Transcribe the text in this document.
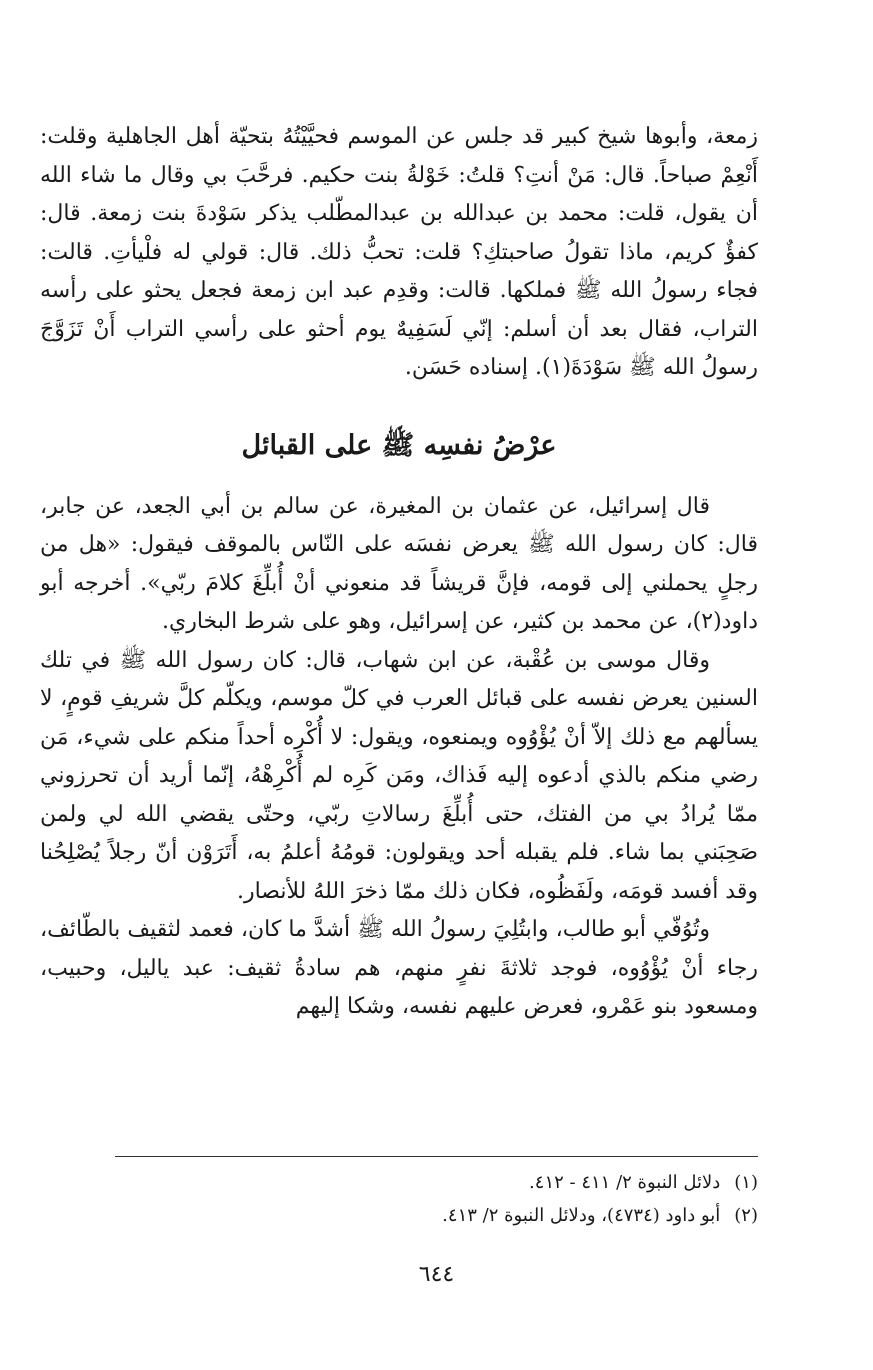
زمعة، وأبوها شيخ كبير قد جلس عن الموسم فحيَّيْتُهُ بتحيّة أهل الجاهلية وقلت: أَنْعِمْ صباحاً. قال: مَنْ أنتِ؟ قلتُ: خَوْلةُ بنت حكيم. فرحَّبَ بي وقال ما شاء الله أن يقول، قلت: محمد بن عبدالله بن عبدالمطّلب يذكر سَوْدةَ بنت زمعة. قال: كفؤٌ كريم، ماذا تقولُ صاحبتكِ؟ قلت: تحبُّ ذلك. قال: قولي له فلْيأتِ. قالت: فجاء رسولُ الله ﷺ فملكها. قالت: وقدِم عبد ابن زمعة فجعل يحثو على رأسه التراب، فقال بعد أن أسلم: إنّي لَسَفِيهٌ يوم أحثو على رأسي التراب أَنْ تَزَوَّجَ رسولُ الله ﷺ سَوْدَةَ(١). إسناده حَسَن.

عرْضُ نفسِه ﷺ على القبائل

قال إسرائيل، عن عثمان بن المغيرة، عن سالم بن أبي الجعد، عن جابر، قال: كان رسول الله ﷺ يعرض نفسَه على النّاس بالموقف فيقول: «هل من رجلٍ يحملني إلى قومه، فإنَّ قريشاً قد منعوني أنْ أُبلِّغَ كلامَ ربّي». أخرجه أبو داود(٢)، عن محمد بن كثير، عن إسرائيل، وهو على شرط البخاري.

وقال موسى بن عُقْبة، عن ابن شهاب، قال: كان رسول الله ﷺ في تلك السنين يعرض نفسه على قبائل العرب في كلّ موسم، ويكلّم كلَّ شريفِ قومٍ، لا يسألهم مع ذلك إلاّ أنْ يُؤْوُوه ويمنعوه، ويقول: لا أُكْرِه أحداً منكم على شيء، مَن رضي منكم بالذي أدعوه إليه فَذاك، ومَن كَرِه لم أُكْرِهْهُ، إنّما أريد أن تحرزوني ممّا يُرادُ بي من الفتك، حتى أُبلِّغَ رسالاتِ ربّي، وحتّى يقضي الله لي ولمن صَحِبَني بما شاء. فلم يقبله أحد ويقولون: قومُهُ أعلمُ به، أَتَرَوْن أنّ رجلاً يُصْلِحُنا وقد أفسد قومَه، ولَفَظُوه، فكان ذلك ممّا ذخرَ اللهُ للأنصار.

وتُوُفّي أبو طالب، وابتُلِيَ رسولُ الله ﷺ أشدَّ ما كان، فعمد لثقيف بالطّائف، رجاء أنْ يُؤْوُوه، فوجد ثلاثةَ نفرٍ منهم، هم سادةُ ثقيف: عبد ياليل، وحبيب، ومسعود بنو عَمْرو، فعرض عليهم نفسه، وشكا إليهم

(١)دلائل النبوة ٢/ ٤١١ - ٤١٢.

(٢)أبو داود (٤٧٣٤)، ودلائل النبوة ٢/ ٤١٣.

٦٤٤
